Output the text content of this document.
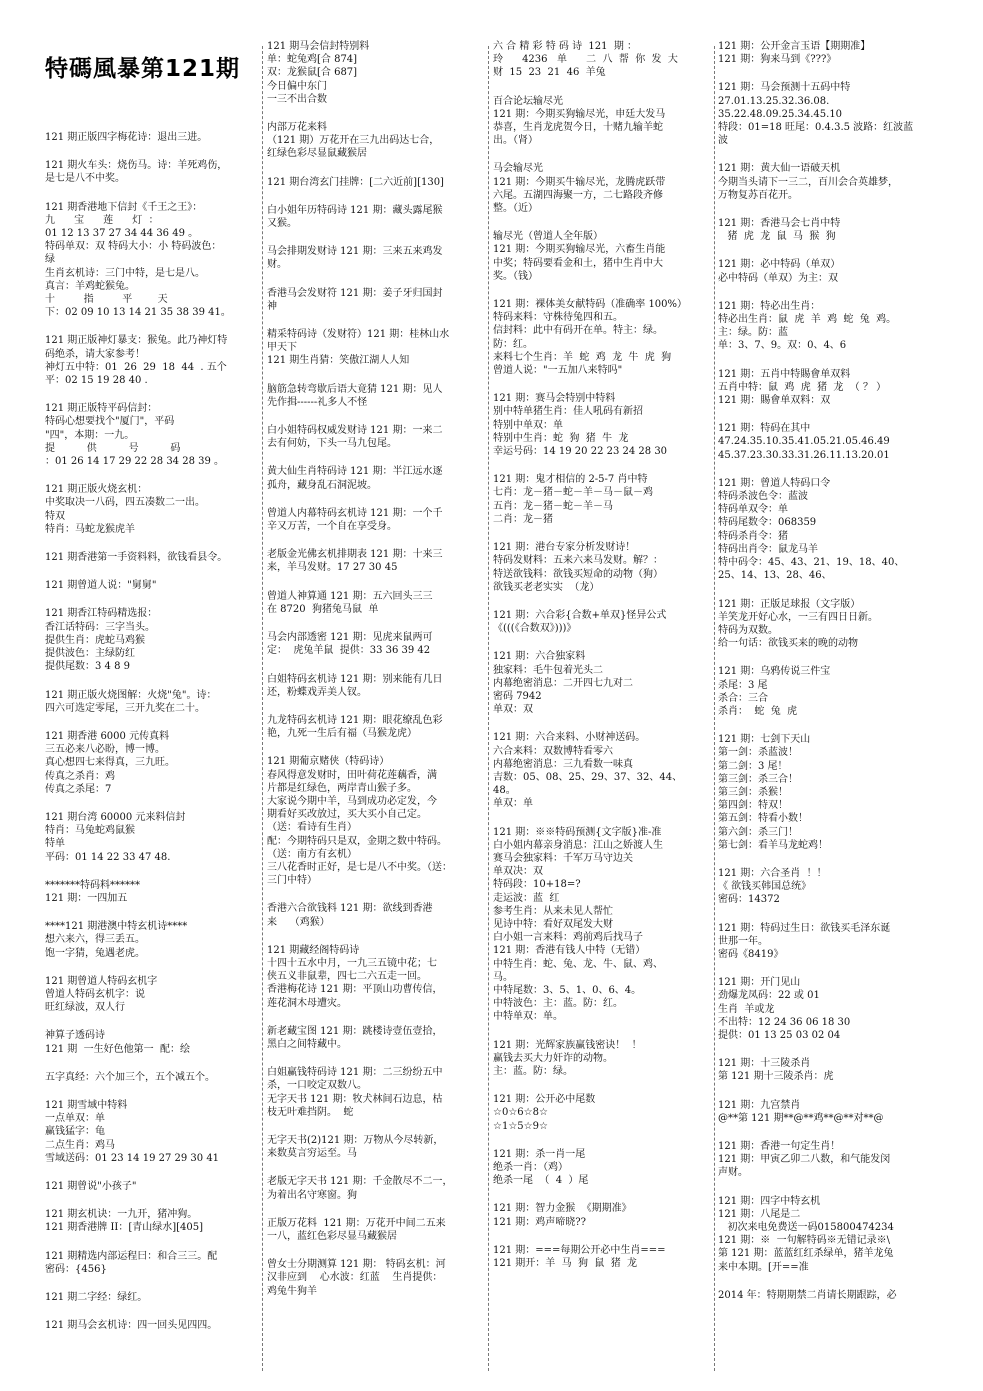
特碼風暴第121期
121 期正版四字梅花诗：退出三进。
121 期火车头：烧伤马。诗：羊死鸡伤，
是七是八不中奖。
121 期香港地下信封《千王之王》：
九      宝      莲      灯  ：
01 12 13 37 27 34 44 36 49 。
特码单双：双 特码大小：小 特码波色：
绿
生肖玄机诗：三门中特，是七是八。
真言：羊鸡蛇猴兔。
十         指         平        天
下：02 09 10 13 14 21 35 38 39 41。
121 期正版神灯暴支：猴兔。此乃神灯特
码绝杀，请大家参考！
神灯五中特：01  26  29  18  44  . 五个
平：02 15 19 28 40 .
121 期正版特平码信封：
特码心想要找个"厦门"，平码
"四"，本期：一九。
提          供          号          码
：01 26 14 17 29 22 28 34 28 39 。
121 期正版火烧玄机：
中奖取决一八码，四五凑数二一出。
特双
特肖：马蛇龙猴虎羊
121 期香港第一手资料料，欲钱看县令。
121 期曾道人说："舅舅"
121 期香江特码精选报：
香江话特码：三字当头。
提供生肖：虎蛇马鸡猴
提供波色：主绿防红
提供尾数：3 4 8 9
121 期正版火烧图解：火烧"兔"。诗：
四六可选定零尾，三开九奖在二十。
121 期香港 6000 元传真料
三五必来八必盼，博一博。
真心想四七来得真，三九旺。
传真之杀肖：鸡
传真之杀尾：7
121 期台湾 60000 元来料信封
特肖：马兔蛇鸡鼠猴
特单
平码：01 14 22 33 47 48.
*******特码料******
121 期：一四加五
****121 期港澳中特玄机诗****
想六来六，得三丢五。
饱一字猜，兔遇老虎。
121 期曾道人特码玄机字
曾道人特码玄机字：说
旺红绿波，双人行
神算子透码诗
121 期  一生好色他第一  配：绘
五字真经：六个加三个，五个减五个。
121 期雪域中特料
一点单双：单
赢钱猛字：龟
二点生肖：鸡马
雪域送码：01 23 14 19 27 29 30 41
121 期曾说"小孩子"
121 期玄机诀：一九开，猪冲狗。
121 期香港牌 II：[青山绿水][405]
121 期精选内部运程曰：和合三三。配
密码：{456}
121 期二字经：绿红。
121 期马会玄机诗：四一回头见四四。
121 期马会信封特别料
单：蛇兔鸡[合 874]
双：龙猴鼠[合 687]
今日偏中东门
一三不出合数
内部万花来料
（121 期）万花开在三九出码达七合，
红绿色彩尽显鼠藏猴居
121 期台湾玄门挂牌：[二六近前][130]
白小姐年历特码诗 121 期：藏头露尾猴
又猴。
马会排期发财诗 121 期：三来五来鸡发
财。
香港马会发财符 121 期：姜子牙归国封
神
精采特码诗（发财符）121 期：桂林山水
甲天下
121 期生肖猜：笑傲江湖人人知
脑筋急转弯歇后语大竟猜 121 期：见人
先作揖------礼多人不怪
白小姐特码权威发财诗 121 期：一来二
去有何妨，下头一马九包尾。
黄大仙生肖特码诗 121 期：半江远水逐
孤舟，藏身乱石洞泥坡。
曾道人内幕特码玄机诗 121 期：一个千
辛又万苦，一个自在享受身。
老版金光佛玄机排期表 121 期：十来三
来，羊马发财。17 27 30 45
曾道人神算通 121 期：五六回头三三
在 8720  狗猪兔马鼠  单
马会内部透密 121 期：见虎来鼠两可
定：  虎兔羊鼠  提供：33 36 39 42
白姐特码玄机诗 121 期：别来能有几日
还，粉蝶戏弄美人钗。
九龙特码玄机诗 121 期：眼花缭乱色彩
艳，九死一生后有福（马猴龙虎）
121 期葡京赌侠（特码诗）
春风得意发财时，田叶荷花莲藕香，满
片都是红绿色，两岸青山猴子多。
大家说今期中羊，马到成功必定发，今
期看好买改放过，买大买小自己定。
（送：看诗有生肖）
配：今期特码只是双，金期之数中特码。
（送：南方有玄机）
三八花香时正好，是七是八不中奖。（送：
三门中特）
香港六合欲钱料 121 期：欲线到香港
来    （鸡猴）
121 期藏经阁特码诗
十四十五水中月，一九三五镜中花；七
侠五义非鼠辈，四七二六五走一回。
香港梅花诗 121 期：平顶山功曹传信，
莲花洞木母遭灾。
新老藏宝图 121 期：跳楼诗壹伍壹拾，
黑白之间特藏中。
白姐赢钱特码诗 121 期：二三纷纷五中
杀，一口咬定双数八。
无字天书 121 期：牧犬林间石边息，枯
枝无叶难挡阴。  蛇
无字天书(2)121 期：万物从今尽转新，
来数莫言穷运至。马
老版无字天书 121 期：千金散尽不二一，
为着出名守寒窗。狗
正版万花料  121 期：万花开中间二五来
一八，蓝红色彩尽显马藏猴居
曾女士分期测算 121 期： 特码玄机：河
汉非应到    心水波：红蓝    生肖提供：
鸡兔牛狗羊
六 合 精 彩 特 码 诗  121  期 ：
玲      4236   单      二  八  帮  你  发  大
财  15  23  21  46  羊兔
百合论坛输尽光
121 期：今期买狗输尽光，申廷大发马
恭喜，生肖龙虎贺今日，十赌九输羊蛇
出。（肾）
马会输尽光
121 期：今期买牛输尽光，龙腾虎跃带
六尾。五湖四海聚一方，二七路段齐修
整。（近）
输尽光（曾道人全年版）
121 期：今期买狗输尽光，六畜生肖能
中奖；特码要看金和土，猪中生肖中大
奖。（钱）
121 期：裸体美女献特码（准确率 100%）
特码来料：守株待兔四和五。
信封料：此中有码开在单。特主：绿。
防：红。
来料七个生肖：羊  蛇  鸡  龙  牛  虎  狗
曾道人说："一五加八来特吗"
121 期：赛马会特别中特料
别中特单猪生肖：佳人吼码有新招
特别中单双：单
特别中生肖：蛇  狗  猪  牛  龙
幸运号码：14 19 20 22 23 24 28 30
121 期：鬼才相信的 2-5-7 肖中特
七肖：龙－猪－蛇－羊－马－鼠－鸡
五肖：龙－猪－蛇－羊－马
二肖：龙－猪
121 期：港台专家分析发财诗！
特码发财料：五来六来马发财。解？：
特送欲钱料：欲钱买短命的动物（狗）
欲钱买老老实实  （龙）
121 期：六合彩{合数+单双}怪异公式
《(((《合数双》)))》
121 期：六合独家料
独家料：毛牛包着光头二
内幕绝密消息：二开四七九对二
密码 7942
单双：双
121 期：六合来料、小财神送码。
六合来料：双数博特看零六
内幕绝密消息：三九看数一味真
吉数：05、08、25、29、37、32、44、
48。
单双：单
121 期：※※特码预测{文字版}准-准
白小姐内幕亲身消息：江山之娇渡人生
赛马会独家料：千军万马守边关
单双决：双
特码段：10+18=?
走运波：蓝  红
参考生肖：从来未见人帮忙
见诗中特：看好双尾发大财
白小姐一言来料：鸡前鸡后找马子
121 期：香港有钱人中特（无错）
中特生肖：蛇、兔、龙、牛、鼠、鸡、
马。
中特尾数：3、5、1、0、6、4。
中特波色：主：蓝。防：红。
中特单双：单。
121 期：光辉家族赢钱密诀！  ！
赢钱去买大力奸诈的动物。
主：蓝。防：绿。
121 期：公开必中尾数
☆0☆6☆8☆
☆1☆5☆9☆
121 期：杀一肖一尾
绝杀一肖：（鸡）
绝杀一尾  （  4  ）尾
121 期：智力金猴  《期期准》
121 期：鸡声啼晓??
121 期：===每期公开必中生肖===
121 期开：羊  马  狗  鼠  猪  龙
121 期：公开金言玉语【期期准】
121 期：狗来马到《???》
121 期：马会预测十五码中特
27.01.13.25.32.36.08.
35.22.48.09.25.34.45.10
特段：01=18 旺尾：0.4.3.5 波路：红波蓝
波
121 期：黄大仙一语破天机
今期当头请下一三二，百川会合英雄梦，
万物复苏百花开。
121 期：香港马会七肖中特
猪  虎  龙  鼠  马  猴  狗
121 期：必中特码（单双）
必中特码（单双）为主：双
121 期：特必出生肖：
特必出生肖：鼠  虎  羊  鸡  蛇  兔  鸡。
主：绿。防：蓝
单：3、7、9。双：0、4、6
121 期：五肖中特賜會单双料
五肖中特：鼠  鸡  虎  猪  龙  （ ？ ）
121 期：賜會单双料：双
121 期：特码在其中
47.24.35.10.35.41.05.21.05.46.49
45.37.23.30.33.31.26.11.13.20.01
121 期：曾道人特码口令
特码杀波色令：蓝波
特码单双令：单
特码尾数令：068359
特码杀肖令：猪
特码出肖令：鼠龙马羊
特中码令：45、43、21、19、18、40、
25、14、13、28、46、
121 期：正版足球报（文字版）
羊笑龙开好心水，一三有四日日新。
特码为双数。
给一句话：欲钱买来的晚的动物
121 期：乌鸦传说三件宝
杀尾：3 尾
杀合：三合
杀肖：  蛇  兔  虎
121 期：七剑下天山
第一剑：杀蓝波！
第二剑：3 尾！
第三剑：杀三合！
第三剑：杀猴！
第四剑：特双！
第五剑：特看小数！
第六剑：杀三门！
第七剑：看羊马龙蛇鸡！
121 期：六合圣肖  ！！
《 欲钱买韩国总统》
密码：14372
121 期：特码过生日：欲钱买毛泽东诞
世那一年。
密码《8419》
121 期：开门见山
劲爆龙凤码：22 或 01
生肖  羊或龙
不出特：12 24 36 06 18 30
提供：01 13 25 03 02 04
121 期：十三陵杀肖
第 121 期十三陵杀肖：虎
121 期：九宫禁肖
@**第 121 期**@**鸡**@**对**@
121 期：香港一句定生肖！
121 期：甲寅乙卯二八数，和气能发闵
声财。
121 期：四字中特玄机
121 期：八尾是二
初次来电免费送一码015800474234
121 期：※  一句解特码※无错记录※\
第 121 期：蓝蓝红红杀绿单，猪羊龙兔
来中本期。[开==准
2014 年：特期期禁二肖请长期跟踪，必
